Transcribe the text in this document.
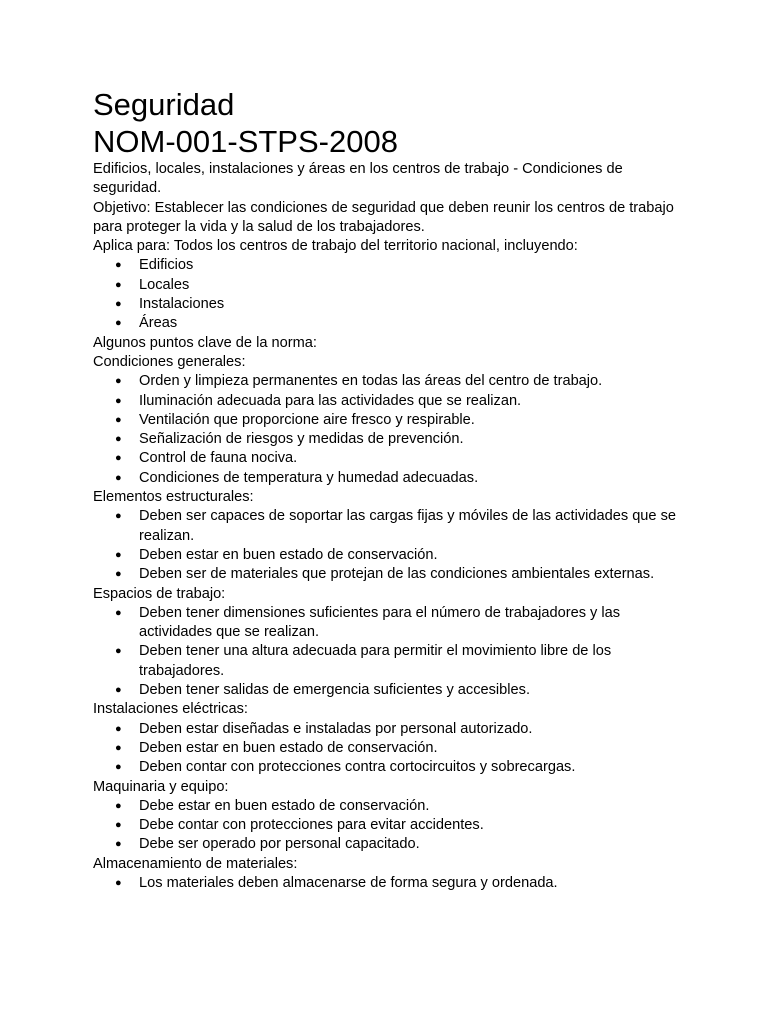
Seguridad
NOM-001-STPS-2008

Edificios, locales, instalaciones y áreas en los centros de trabajo - Condiciones de seguridad.

Objetivo: Establecer las condiciones de seguridad que deben reunir los centros de trabajo para proteger la vida y la salud de los trabajadores.

Aplica para: Todos los centros de trabajo del territorio nacional, incluyendo:

● Edificios
● Locales
● Instalaciones
● Áreas

Algunos puntos clave de la norma:

Condiciones generales:

● Orden y limpieza permanentes en todas las áreas del centro de trabajo.
● Iluminación adecuada para las actividades que se realizan.
● Ventilación que proporcione aire fresco y respirable.
● Señalización de riesgos y medidas de prevención.
● Control de fauna nociva.
● Condiciones de temperatura y humedad adecuadas.

Elementos estructurales:

● Deben ser capaces de soportar las cargas fijas y móviles de las actividades que se realizan.
● Deben estar en buen estado de conservación.
● Deben ser de materiales que protejan de las condiciones ambientales externas.

Espacios de trabajo:

● Deben tener dimensiones suficientes para el número de trabajadores y las actividades que se realizan.
● Deben tener una altura adecuada para permitir el movimiento libre de los trabajadores.
● Deben tener salidas de emergencia suficientes y accesibles.

Instalaciones eléctricas:

● Deben estar diseñadas e instaladas por personal autorizado.
● Deben estar en buen estado de conservación.
● Deben contar con protecciones contra cortocircuitos y sobrecargas.

Maquinaria y equipo:

● Debe estar en buen estado de conservación.
● Debe contar con protecciones para evitar accidentes.
● Debe ser operado por personal capacitado.

Almacenamiento de materiales:

● Los materiales deben almacenarse de forma segura y ordenada.
